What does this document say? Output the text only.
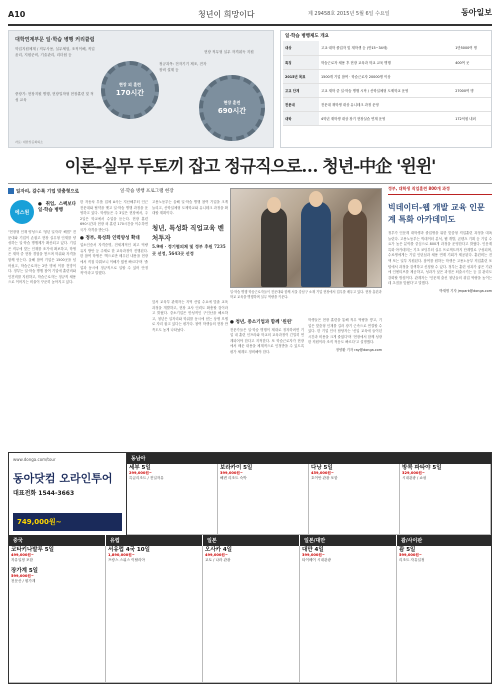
A10	청년이 희망이다	제 29458호 2015년 5월 6일 수요일	동아일보
대학연계부문 일·학습 병행 커리큘럼
학업지원체계 / 직무사용, 실무체험, 조직이해, 직업윤리, 지원준비, 기술관리, 리더쉽 등
중장기: 현장지원 병행, 현장밀착형 현장훈련 및 적성 교육
현장 외 훈련
170시간
정규과목: 전자기기 제조, 전자장비 설계 등
현장 훈련
690시간
현장 직무형 실무 자격취득 지원
자료: 대한상공회의소
일·학습 병행제도 개요
대상	고교·대학 졸업자 및 재학생 등 (만15~34세)	1만5000여 명
특징	학습근로자 채용 후 현장 교육과 학교 교육 병행	400여 곳
2015년 목표	1500개 기업 참여 · 학습근로자 20000명 이상	
고교 단계	고교 재학 중 일·학습 병행 시작 / 산학일체형 도제학교 운영	27000여 명
전문대	전문대 재학생 대상 유니테크 과정 운영	
대학	4학년 재학생 대상 장기 현장실습 연계 운영	172억원 내외
이론-실무 두토끼 잡고 정규직으로… 청년-中企 '윈윈'
일자리, 갈수록 기업 맞춤형으로	일·학습 병행 프로그램 현장
에스원

"현장형 인재 양성으로 '청년 일자리' 해법" 전문대와 기업이 손잡고 현장 실무형 인재를 양성하는 일·학습 병행제가 확산되고 있다. 기업은 직무에 맞는 인재를 조기에 확보하고, 학생은 재학 중 현장 경험을 쌓으며 학위와 자격을 함께 얻는다. 올해 참여 기업은 1500곳을 넘어섰고, 학습근로자는 2만 명에 이를 전망이다. 정부는 일·학습 병행 참여 기업에 훈련비와 인건비를 지원하고, 학습근로자는 정규직 채용으로 이어지는 비율이 꾸준히 높아지고 있다.

● 취업, 스펙보다 일·학습 병행

한 자동차 부품 업체 A사는 지난해부터 인근 전문대와 협약을 맺고 일·학습 병행 과정을 운영하고 있다. 학생들은 주 3일은 현장에서, 주 2일은 학교에서 수업을 듣는다. 현장 훈련 690시간과 현장 외 훈련 170시간을 이수하면 국가 자격을 받는다.

● 정부, 특성화 인력양성 확대

업소인증서 자격증명, 전세계적인 최고 역량 유지 방안 등 주제로 한 교육과정이 진행된다. 한 참여 학생은 '책으로만 배우던 내용을 현장에서 직접 다뤄보니 이해가 훨씬 빠르다'며 '졸업과 동시에 정규직으로 일할 수 있어 안정적'이라고 말했다.

고용노동부는 올해 일·학습 병행 참여 기업을 크게 늘리고, 산학일체형 도제학교와 유니테크 과정을 확대할 계획이다.

청년, 특성화 직업교육 벤처투자
5.9배 · 정기협의체 및 정부 후원 7235곳 선정, 5643곳 선정

앞서 교육부 관계자는 지역 산업 수요에 맞춘 교육과정을 개발하고, 현장 교사 인력도 확충할 것이라고 밝혔다. 중소기업은 만성적인 구인난을 해소하고, 청년은 일자리와 학위를 동시에 얻는 상생 모델로 자리 잡고 있다는 평가다. 참여 학생들의 현장 만족도도 높게 나타났다.

일·학습 병행 학습근로자들이 전문대와 함께 서울 강남구 소재 기업 현장에서 업무를 배우고 있다. 현장 훈련과 학교 교육을 병행하며 실무 역량을 키운다.
● 청년, 중소기업과 함께 '윈윈'

전문가들은 일·학습 병행이 제대로 정착하려면 기업 내 훈련 인프라와 학교의 교육과정이 긴밀히 연계되어야 한다고 지적한다. 또 학습근로자가 현장에서 배운 내용을 체계적으로 인정받을 수 있도록 평가 체계도 정비해야 한다.

학생들은 현장 훈련을 통해 직무 역량을 쌓고, 기업은 맞춤형 인재를 길러 장기 근속으로 연결할 수 있다. 한 기업 인사 담당자는 '신입 교육에 들이던 시간과 비용을 크게 줄였다'며 '현장에서 함께 성장한 직원이라 조직 적응도 빠르다'고 설명했다.

정양환 기자 ray@donga.com

정부, 대학생 직업훈련 800개 과정
빅데이터-웹 개발 교육 인문계 특화 아카데미도

정부가 인문계 대학생과 졸업생을 위한 맞춤형 직업훈련 과정을 대폭 늘린다. 고용노동부는 빅데이터 분석, 웹 개발, 콘텐츠 기획 등 기업 수요가 높은 분야를 중심으로 800개 과정을 운영한다고 밝혔다. 인문계 특화 아카데미는 기초 코딩부터 실무 프로젝트까지 단계별로 구성되며, 수료생에게는 기업 인턴십과 채용 연계 기회가 제공된다. 훈련비는 전액 또는 일부 지원된다. 참여를 원하는 학생은 고용노동부 직업훈련 포털에서 과정을 검색하고 신청할 수 있다. 정부는 훈련 성과가 좋은 기관에 인센티브를 제공하고, 성과가 낮은 과정은 퇴출시키는 등 질 관리도 강화할 방침이다. 관계자는 '인문계 출신 청년들의 취업 역량을 높이는 데 초점을 맞췄다'고 말했다.

박재명 기자 jmpark@donga.com

www.donga.com/tour
동아닷컴 오라인투어
대표전화 1544-3663
749,000원~
동남아
세부 5일
299,000원~
특급리조트 / 전일자유
보라카이 5일
399,000원~
해변 리조트 숙박
다낭 5일
459,000원~
호이안 관광 포함
방콕 파타야 5일
329,000원~
시내관광 / 쇼핑
중국	유럽	일본	일본/대만	괌/사이판
코타키나발루 5일
499,000원~
자유일정 포함
장가계 5일
599,000원~
천문산 / 원가계
서유럽 4국 10일
1,890,000원~
프랑스 스위스 이탈리아
오사카 4일
499,000원~
교토 / 나라 관광
대만 4일
399,000원~
타이베이 시내관광
괌 5일
599,000원~
리조트 자유일정
